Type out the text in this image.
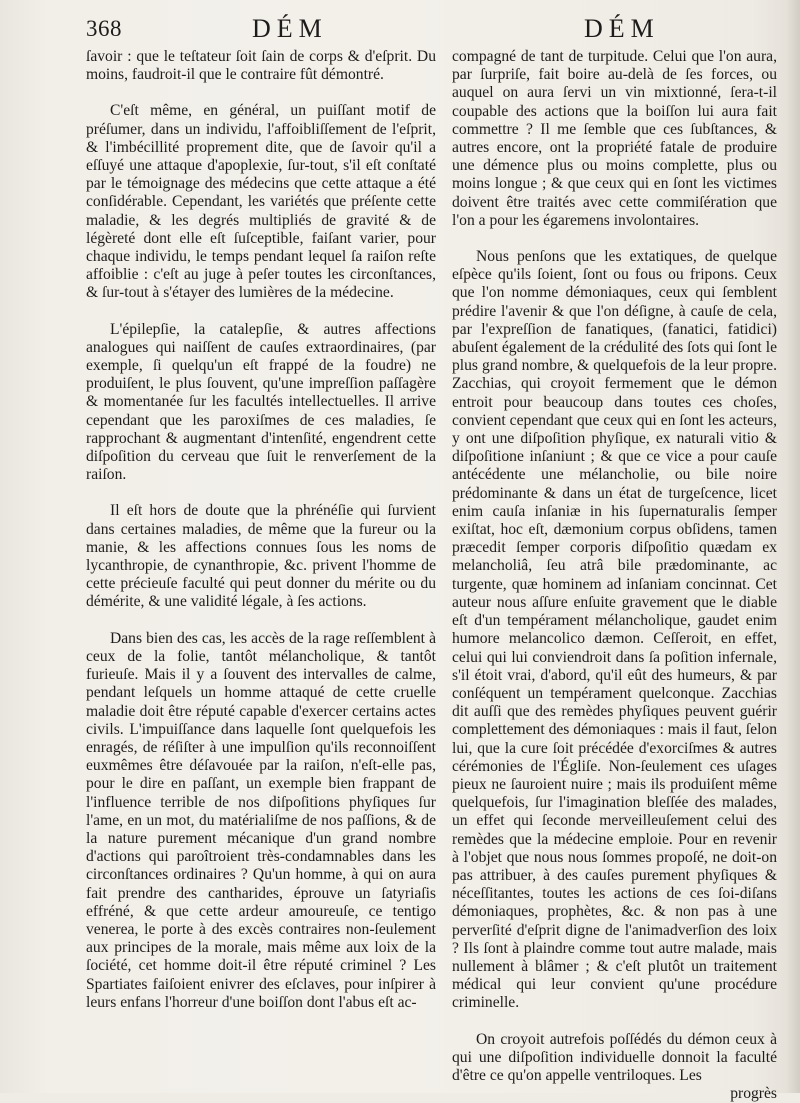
368	DÉM	DÉM

ſavoir : que le teſtateur ſoit ſain de corps & d'eſprit. Du moins, faudroit-il que le contraire fût démontré.

C'eſt même, en général, un puiſſant motif de préſumer, dans un individu, l'affoibliſſement de l'eſprit, & l'imbécillité proprement dite, que de ſavoir qu'il a eſſuyé une attaque d'apoplexie, ſur-tout, s'il eſt conſtaté par le témoignage des médecins que cette attaque a été conſidérable. Cependant, les variétés que préſente cette maladie, & les degrés multipliés de gravité & de légèreté dont elle eſt ſuſceptible, faiſant varier, pour chaque individu, le temps pendant lequel ſa raiſon reſte affoiblie : c'eſt au juge à peſer toutes les circonſtances, & ſur-tout à s'étayer des lumières de la médecine.

L'épilepſie, la catalepſie, & autres affections analogues qui naiſſent de cauſes extraordinaires, (par exemple, ſi quelqu'un eſt frappé de la foudre) ne produiſent, le plus ſouvent, qu'une impreſſion paſſagère & momentanée ſur les facultés intellectuelles. Il arrive cependant que les paroxiſmes de ces maladies, ſe rapprochant & augmentant d'intenſité, engendrent cette diſpoſition du cerveau que ſuit le renverſement de la raiſon.

Il eſt hors de doute que la phrénéſie qui ſurvient dans certaines maladies, de même que la fureur ou la manie, & les affections connues ſous les noms de lycanthropie, de cynanthropie, &c. privent l'homme de cette précieuſe faculté qui peut donner du mérite ou du démérite, & une validité légale, à ſes actions.

Dans bien des cas, les accès de la rage reſſemblent à ceux de la folie, tantôt mélancholique, & tantôt furieuſe. Mais il y a ſouvent des intervalles de calme, pendant leſquels un homme attaqué de cette cruelle maladie doit être réputé capable d'exercer certains actes civils. L'impuiſſance dans laquelle ſont quelquefois les enragés, de réſiſter à une impulſion qu'ils reconnoiſſent euxmêmes être déſavouée par la raiſon, n'eſt-elle pas, pour le dire en paſſant, un exemple bien frappant de l'influence terrible de nos diſpoſitions phyſiques ſur l'ame, en un mot, du matérialiſme de nos paſſions, & de la nature purement mécanique d'un grand nombre d'actions qui paroîtroient très-condamnables dans les circonſtances ordinaires ? Qu'un homme, à qui on aura fait prendre des cantharides, éprouve un ſatyriaſis effréné, & que cette ardeur amoureuſe, ce tentigo venerea, le porte à des excès contraires non-ſeulement aux principes de la morale, mais même aux loix de la ſociété, cet homme doit-il être réputé criminel ? Les Spartiates faiſoient enivrer des eſclaves, pour inſpirer à leurs enfans l'horreur d'une boiſſon dont l'abus eſt ac-

compagné de tant de turpitude. Celui que l'on aura, par ſurpriſe, fait boire au-delà de ſes forces, ou auquel on aura ſervi un vin mixtionné, ſera-t-il coupable des actions que la boiſſon lui aura fait commettre ? Il me ſemble que ces ſubſtances, & autres encore, ont la propriété fatale de produire une démence plus ou moins complette, plus ou moins longue ; & que ceux qui en ſont les victimes doivent être traités avec cette commiſération que l'on a pour les égaremens involontaires.

Nous penſons que les extatiques, de quelque eſpèce qu'ils ſoient, ſont ou fous ou fripons. Ceux que l'on nomme démoniaques, ceux qui ſemblent prédire l'avenir & que l'on déſigne, à cauſe de cela, par l'expreſſion de fanatiques, (fanatici, fatidici) abuſent également de la crédulité des ſots qui ſont le plus grand nombre, & quelquefois de la leur propre. Zacchias, qui croyoit fermement que le démon entroit pour beaucoup dans toutes ces choſes, convient cependant que ceux qui en ſont les acteurs, y ont une diſpoſition phyſique, ex naturali vitio & diſpoſitione inſaniunt ; & que ce vice a pour cauſe antécédente une mélancholie, ou bile noire prédominante & dans un état de turgeſcence, licet enim cauſa inſaniæ in his ſupernaturalis ſemper exiſtat, hoc eſt, dæmonium corpus obſidens, tamen præcedit ſemper corporis diſpoſitio quædam ex melancholiâ, ſeu atrâ bile prædominante, ac turgente, quæ hominem ad inſaniam concinnat. Cet auteur nous aſſure enſuite gravement que le diable eſt d'un tempérament mélancholique, gaudet enim humore melancolico dæmon. Ceſſeroit, en effet, celui qui lui conviendroit dans ſa poſition infernale, s'il étoit vrai, d'abord, qu'il eût des humeurs, & par conſéquent un tempérament quelconque. Zacchias dit auſſi que des remèdes phyſiques peuvent guérir complettement des démoniaques : mais il faut, ſelon lui, que la cure ſoit précédée d'exorciſmes & autres cérémonies de l'Égliſe. Non-ſeulement ces uſages pieux ne ſauroient nuire ; mais ils produiſent même quelquefois, ſur l'imagination bleſſée des malades, un effet qui ſeconde merveilleuſement celui des remèdes que la médecine emploie. Pour en revenir à l'objet que nous nous ſommes propoſé, ne doit-on pas attribuer, à des cauſes purement phyſiques & néceſſitantes, toutes les actions de ces ſoi-diſans démoniaques, prophètes, &c. & non pas à une perverſité d'eſprit digne de l'animadverſion des loix ? Ils ſont à plaindre comme tout autre malade, mais nullement à blâmer ; & c'eſt plutôt un traitement médical qui leur convient qu'une procédure criminelle.

On croyoit autrefois poſſédés du démon ceux à qui une diſpoſition individuelle donnoit la faculté d'être ce qu'on appelle ventriloques. Les

progrès
